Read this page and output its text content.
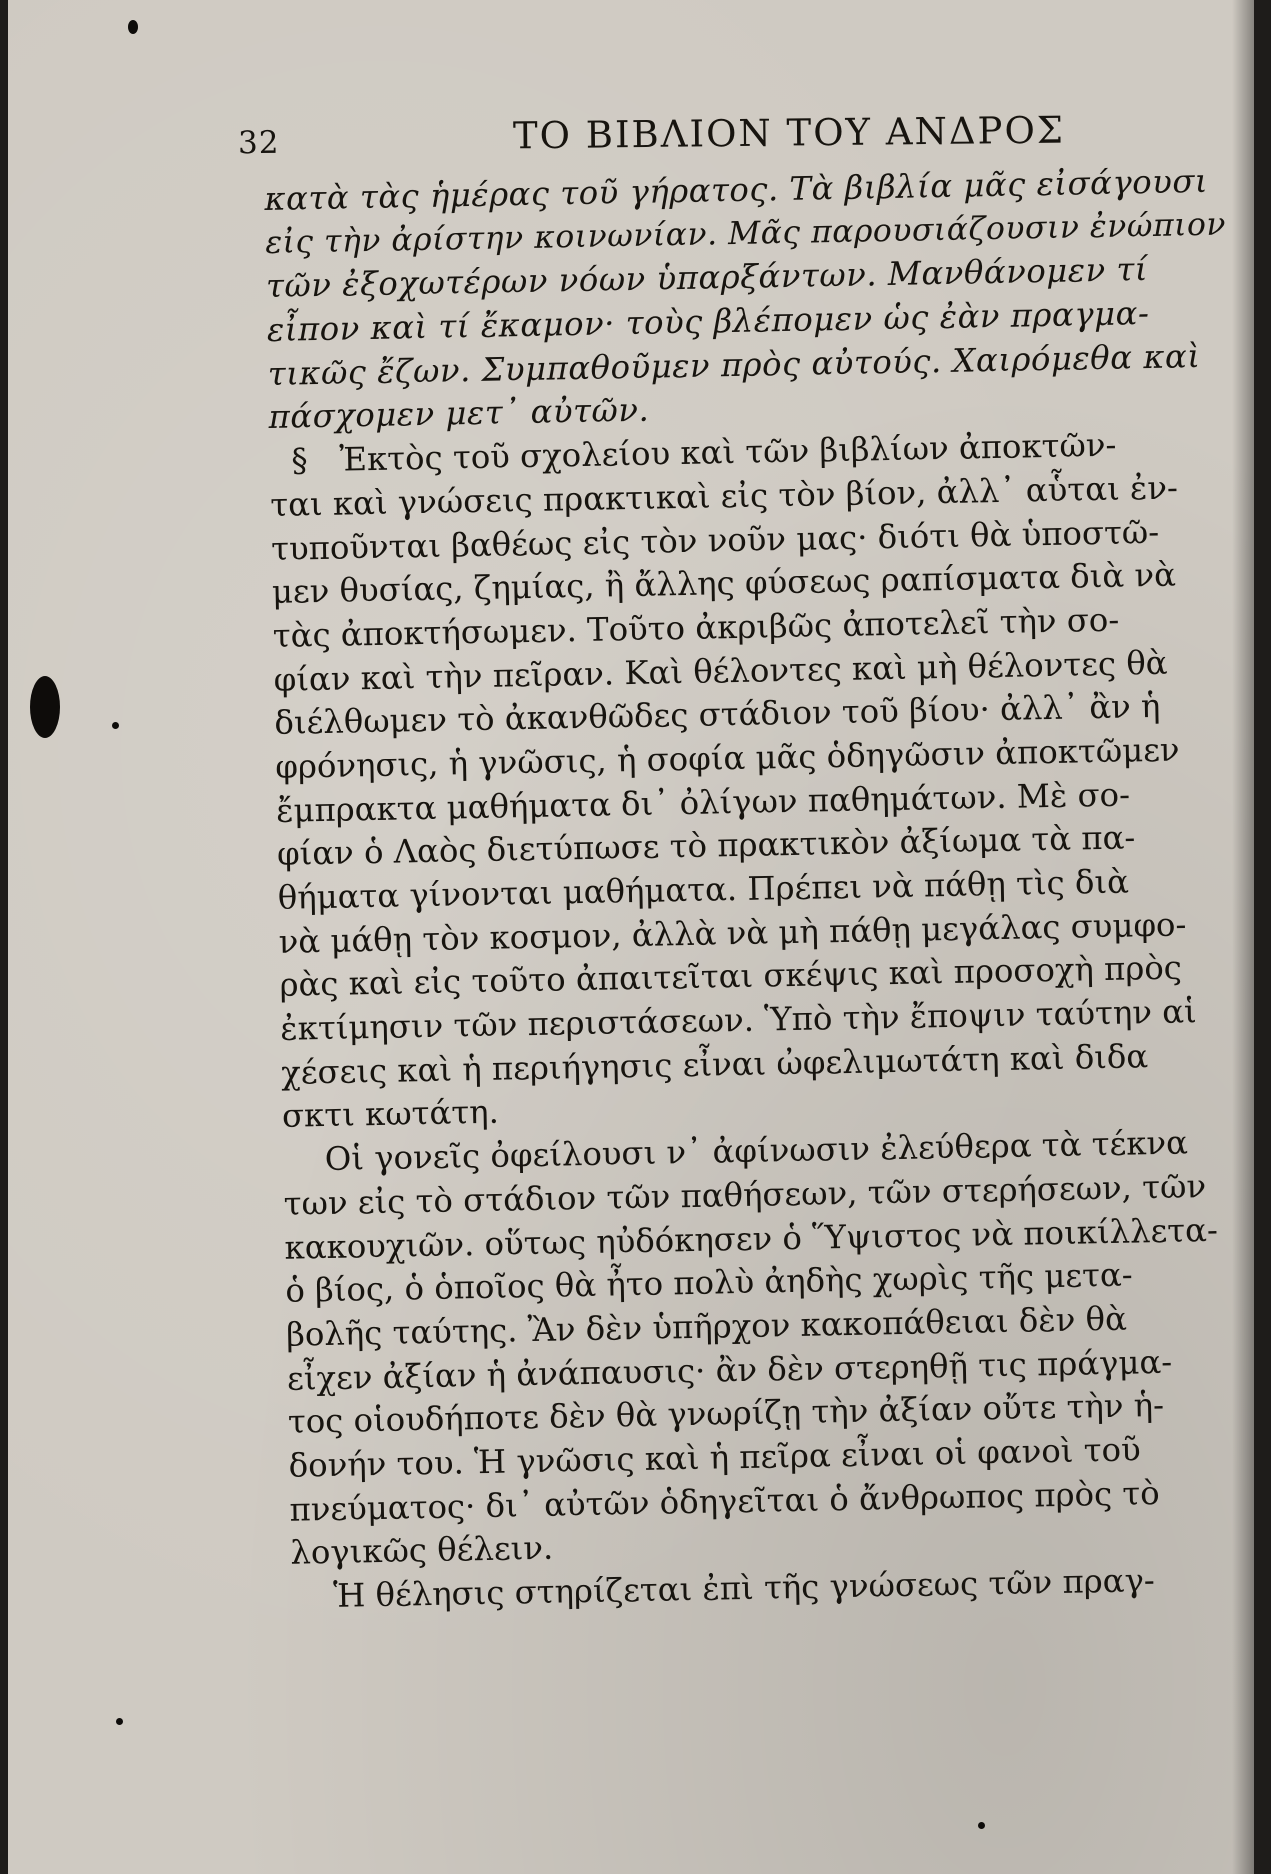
32	ΤΟ ΒΙΒΛΙΟΝ ΤΟΥ ΑΝΔΡΟΣ
κατὰ τὰς ἡμέρας τοῦ γήρατος. Τὰ βιβλία μᾶς εἰσάγουσι
εἰς τὴν ἀρίστην κοινωνίαν. Μᾶς παρουσιάζουσιν ἐνώπιον
τῶν ἐξοχωτέρων νόων ὑπαρξάντων. Μανθάνομεν τί
εἶπον καὶ τί ἔκαμον· τοὺς βλέπομεν ὡς ἐὰν πραγμα-
τικῶς ἔζων. Συμπαθοῦμεν πρὸς αὐτούς. Χαιρόμεθα καὶ
πάσχομεν μετ᾿ αὐτῶν.
§ Ἐκτὸς τοῦ σχολείου καὶ τῶν βιβλίων ἀποκτῶν-
ται καὶ γνώσεις πρακτικαὶ εἰς τὸν βίον, ἀλλ᾿ αὗται ἐν-
τυποῦνται βαθέως εἰς τὸν νοῦν μας· διότι θὰ ὑποστῶ-
μεν θυσίας, ζημίας, ἢ ἄλλης φύσεως ραπίσματα διὰ νὰ
τὰς ἀποκτήσωμεν. Τοῦτο ἀκριβῶς ἀποτελεῖ τὴν σο-
φίαν καὶ τὴν πεῖραν. Καὶ θέλοντες καὶ μὴ θέλοντες θὰ
διέλθωμεν τὸ ἀκανθῶδες στάδιον τοῦ βίου· ἀλλ᾿ ἂν ἡ
φρόνησις, ἡ γνῶσις, ἡ σοφία μᾶς ὁδηγῶσιν ἀποκτῶμεν
ἔμπρακτα μαθήματα δι᾿ ὀλίγων παθημάτων. Μὲ σο-
φίαν ὁ Λαὸς διετύπωσε τὸ πρακτικὸν ἀξίωμα τὰ πα-
θήματα γίνονται μαθήματα. Πρέπει νὰ πάθῃ τὶς διὰ
νὰ μάθῃ τὸν κοσμον, ἀλλὰ νὰ μὴ πάθῃ μεγάλας συμφο-
ρὰς καὶ εἰς τοῦτο ἀπαιτεῖται σκέψις καὶ προσοχὴ πρὸς
ἐκτίμησιν τῶν περιστάσεων. Ὑπὸ τὴν ἔποψιν ταύτην αἱ
χέσεις καὶ ἡ περιήγησις εἶναι ὠφελιμωτάτη καὶ διδα
σκτι κωτάτη.
Οἱ γονεῖς ὀφείλουσι ν᾿ ἀφίνωσιν ἐλεύθερα τὰ τέκνα
των εἰς τὸ στάδιον τῶν παθήσεων, τῶν στερήσεων, τῶν
κακουχιῶν. οὕτως ηὐδόκησεν ὁ Ὕψιστος νὰ ποικίλλετα-
ὁ βίος, ὁ ὁποῖος θὰ ἦτο πολὺ ἀηδὴς χωρὶς τῆς μετα-
βολῆς ταύτης. Ἂν δὲν ὑπῆρχον κακοπάθειαι δὲν θὰ
εἶχεν ἀξίαν ἡ ἀνάπαυσις· ἂν δὲν στερηθῇ τις πράγμα-
τος οἱουδήποτε δὲν θὰ γνωρίζῃ τὴν ἀξίαν οὔτε τὴν ἡ-
δονήν του. Ἡ γνῶσις καὶ ἡ πεῖρα εἶναι οἱ φανοὶ τοῦ
πνεύματος· δι᾿ αὐτῶν ὁδηγεῖται ὁ ἄνθρωπος πρὸς τὸ
λογικῶς θέλειν.
Ἡ θέλησις στηρίζεται ἐπὶ τῆς γνώσεως τῶν πραγ-
